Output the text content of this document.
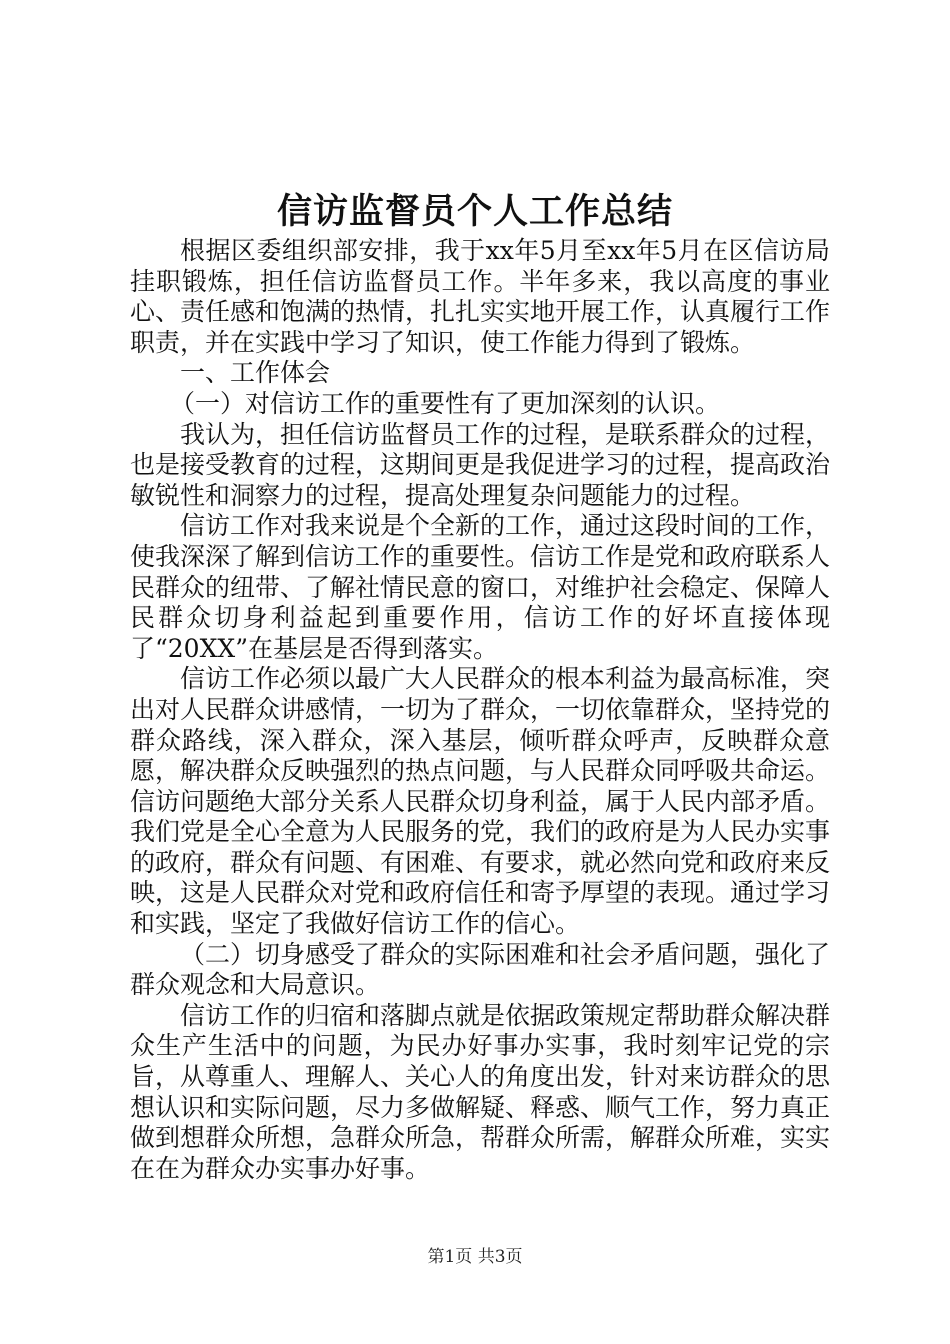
信访监督员个人工作总结

根据区委组织部安排，我于xx年5月至xx年5月在区信访局挂职锻炼，担任信访监督员工作。半年多来，我以高度的事业心、责任感和饱满的热情，扎扎实实地开展工作，认真履行工作职责，并在实践中学习了知识，使工作能力得到了锻炼。

一、工作体会

（一）对信访工作的重要性有了更加深刻的认识。

我认为，担任信访监督员工作的过程，是联系群众的过程，也是接受教育的过程，这期间更是我促进学习的过程，提高政治敏锐性和洞察力的过程，提高处理复杂问题能力的过程。

信访工作对我来说是个全新的工作，通过这段时间的工作，使我深深了解到信访工作的重要性。信访工作是党和政府联系人民群众的纽带、了解社情民意的窗口，对维护社会稳定、保障人民群众切身利益起到重要作用，信访工作的好坏直接体现了“20XX”在基层是否得到落实。

信访工作必须以最广大人民群众的根本利益为最高标准，突出对人民群众讲感情，一切为了群众，一切依靠群众，坚持党的群众路线，深入群众，深入基层，倾听群众呼声，反映群众意愿，解决群众反映强烈的热点问题，与人民群众同呼吸共命运。信访问题绝大部分关系人民群众切身利益，属于人民内部矛盾。我们党是全心全意为人民服务的党，我们的政府是为人民办实事的政府，群众有问题、有困难、有要求，就必然向党和政府来反映，这是人民群众对党和政府信任和寄予厚望的表现。通过学习和实践，坚定了我做好信访工作的信心。

（二）切身感受了群众的实际困难和社会矛盾问题，强化了群众观念和大局意识。

信访工作的归宿和落脚点就是依据政策规定帮助群众解决群众生产生活中的问题，为民办好事办实事，我时刻牢记党的宗旨，从尊重人、理解人、关心人的角度出发，针对来访群众的思想认识和实际问题，尽力多做解疑、释惑、顺气工作，努力真正做到想群众所想，急群众所急，帮群众所需，解群众所难，实实在在为群众办实事办好事。

第1页 共3页
